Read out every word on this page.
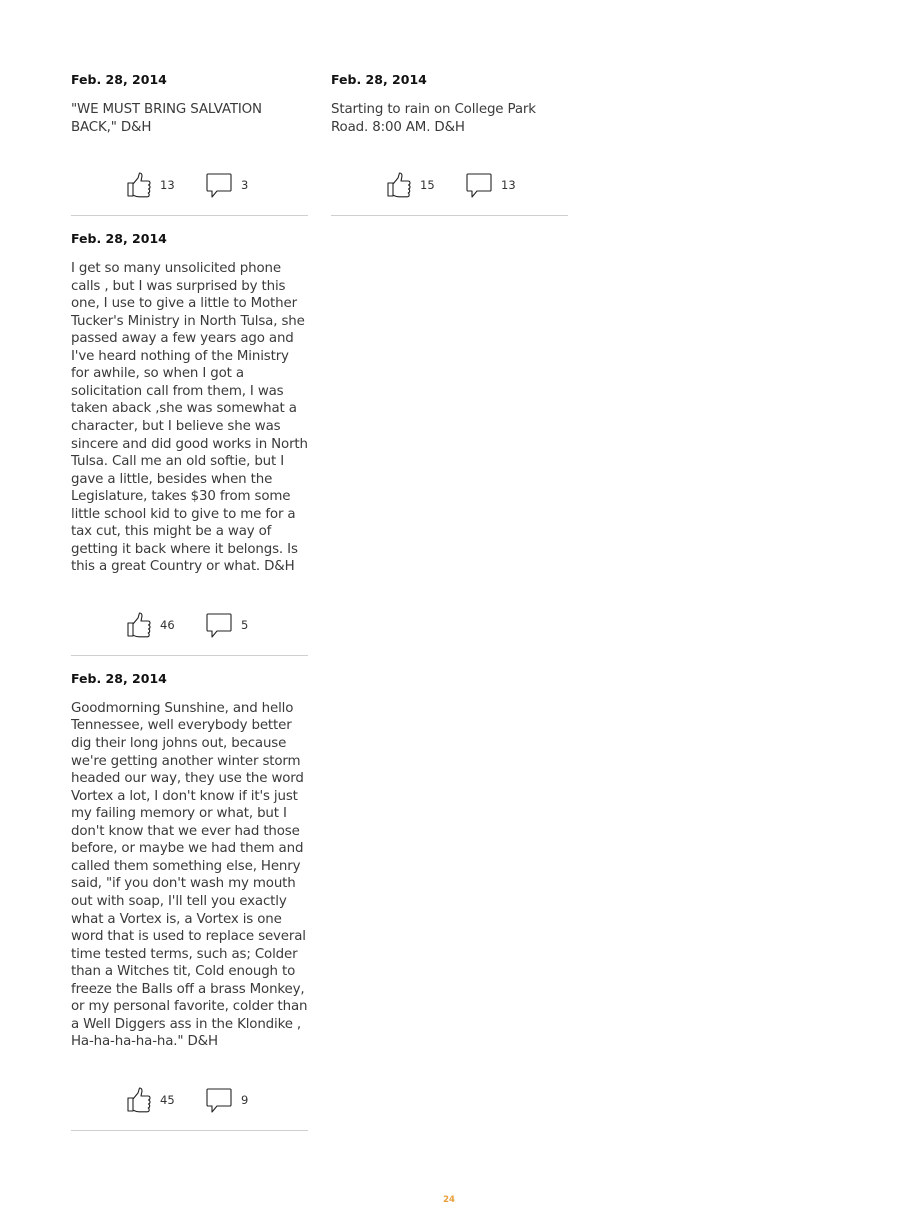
Feb. 28, 2014
"WE MUST BRING SALVATION BACK," D&H
13	3
Feb. 28, 2014
I get so many unsolicited phone calls , but I was surprised by this one, I use to give a little to Mother Tucker's Ministry in North Tulsa, she passed away a few years ago and I've heard nothing of the Ministry for awhile, so when I got a solicitation call from them, I was taken aback ,she was somewhat a character, but I believe she was sincere and did good works in North Tulsa. Call me an old softie, but I gave a little, besides when the Legislature, takes $30 from some little school kid to give to me for a tax cut, this might be a way of getting it back where it belongs. Is this a great Country or what. D&H
46	5
Feb. 28, 2014
Goodmorning Sunshine, and hello Tennessee, well everybody better dig their long johns out, because we're getting another winter storm headed our way, they use the word Vortex a lot, I don't know if it's just my failing memory or what, but I don't know that we ever had those before, or maybe we had them and called them something else, Henry said, "if you don't wash my mouth out with soap, I'll tell you exactly what a Vortex is, a Vortex is one word that is used to replace several time tested terms, such as; Colder than a Witches tit, Cold enough to freeze the Balls off a brass Monkey, or my personal favorite, colder than a Well Diggers ass in the Klondike , Ha-ha-ha-ha-ha." D&H
45	9
Feb. 28, 2014
Starting to rain on College Park Road. 8:00 AM. D&H
15	13
24
